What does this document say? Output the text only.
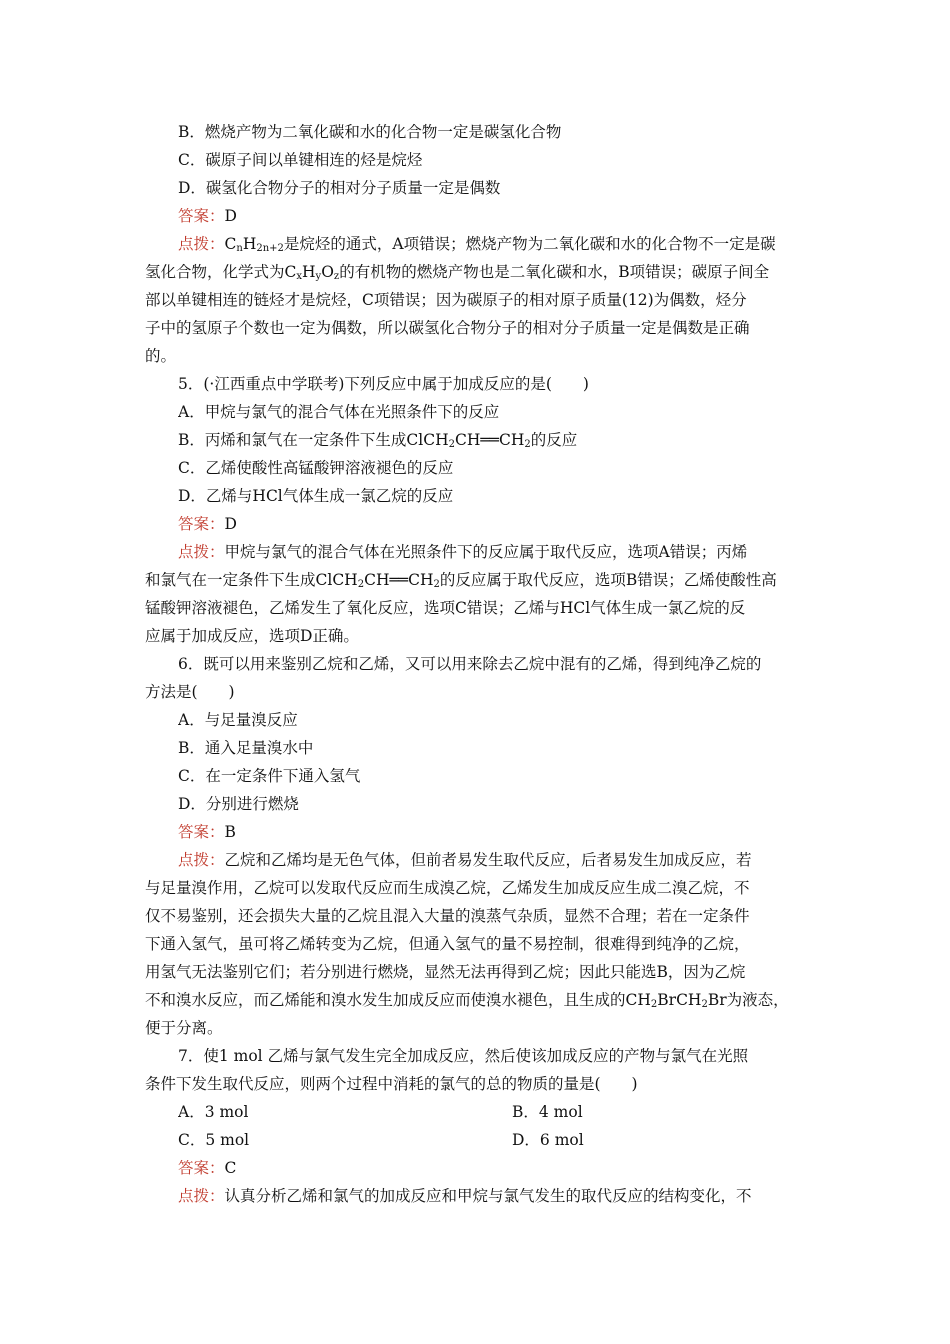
B．燃烧产物为二氧化碳和水的化合物一定是碳氢化合物
C．碳原子间以单键相连的烃是烷烃
D．碳氢化合物分子的相对分子质量一定是偶数
答案：D
点拨：$C_nH_{2n+2}$是烷烃的通式，A项错误；燃烧产物为二氧化碳和水的化合物不一定是碳
氢化合物，化学式为$C_xH_yO_z$的有机物的燃烧产物也是二氧化碳和水，B项错误；碳原子间全
部以单键相连的链烃才是烷烃，C项错误；因为碳原子的相对原子质量(12)为偶数，烃分
子中的氢原子个数也一定为偶数，所以碳氢化合物分子的相对分子质量一定是偶数是正确
的。
5．(·江西重点中学联考)下列反应中属于加成反应的是(　　)
A．甲烷与氯气的混合气体在光照条件下的反应
B．丙烯和氯气在一定条件下生成$ClCH_2CH══CH_2$的反应
C．乙烯使酸性高锰酸钾溶液褪色的反应
D．乙烯与HCl气体生成一氯乙烷的反应
答案：D
点拨：甲烷与氯气的混合气体在光照条件下的反应属于取代反应，选项A错误；丙烯
和氯气在一定条件下生成$ClCH_2CH══CH_2$的反应属于取代反应，选项B错误；乙烯使酸性高
锰酸钾溶液褪色，乙烯发生了氧化反应，选项C错误；乙烯与HCl气体生成一氯乙烷的反
应属于加成反应，选项D正确。
6．既可以用来鉴别乙烷和乙烯，又可以用来除去乙烷中混有的乙烯，得到纯净乙烷的
方法是(　　)
A．与足量溴反应
B．通入足量溴水中
C．在一定条件下通入氢气
D．分别进行燃烧
答案：B
点拨：乙烷和乙烯均是无色气体，但前者易发生取代反应，后者易发生加成反应，若
与足量溴作用，乙烷可以发取代反应而生成溴乙烷，乙烯发生加成反应生成二溴乙烷，不
仅不易鉴别，还会损失大量的乙烷且混入大量的溴蒸气杂质，显然不合理；若在一定条件
下通入氢气，虽可将乙烯转变为乙烷，但通入氢气的量不易控制，很难得到纯净的乙烷，
用氢气无法鉴别它们；若分别进行燃烧，显然无法再得到乙烷；因此只能选B，因为乙烷
不和溴水反应，而乙烯能和溴水发生加成反应而使溴水褪色，且生成的$CH_2BrCH_2Br$为液态，
便于分离。
7．使1 mol 乙烯与氯气发生完全加成反应，然后使该加成反应的产物与氯气在光照
条件下发生取代反应，则两个过程中消耗的氯气的总的物质的量是(　　)
A．3 mol	B．4 mol
C．5 mol	D．6 mol
答案：C
点拨：认真分析乙烯和氯气的加成反应和甲烷与氯气发生的取代反应的结构变化，不
